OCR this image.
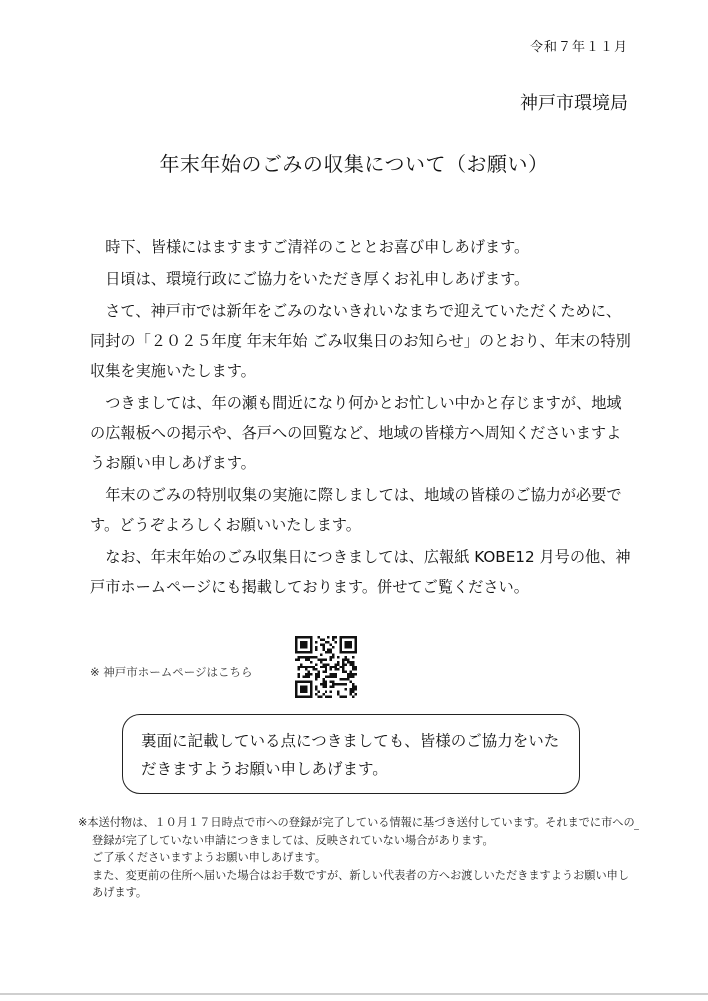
令和７年１１月
神戸市環境局
年末年始のごみの収集について（お願い）

時下、皆様にはますますご清祥のこととお喜び申しあげます。

日頃は、環境行政にご協力をいただき厚くお礼申しあげます。

さて、神戸市では新年をごみのないきれいなまちで迎えていただくために、同封の「２０２５年度 年末年始 ごみ収集日のお知らせ」のとおり、年末の特別収集を実施いたします。

つきましては、年の瀬も間近になり何かとお忙しい中かと存じますが、地域の広報板への掲示や、各戸への回覧など、地域の皆様方へ周知くださいますようお願い申しあげます。

年末のごみの特別収集の実施に際しましては、地域の皆様のご協力が必要です。どうぞよろしくお願いいたします。

なお、年末年始のごみ収集日につきましては、広報紙 KOBE12 月号の他、神戸市ホームページにも掲載しております。併せてご覧ください。

※ 神戸市ホームページはこちら
裏面に記載している点につきましても、皆様のご協力をいただきますようお願い申しあげます。

※本送付物は、１０月１７日時点で市への登録が完了している情報に基づき送付しています。それまでに市への登録が完了していない申請につきましては、反映されていない場合があります。

ご了承くださいますようお願い申しあげます。

また、変更前の住所へ届いた場合はお手数ですが、新しい代表者の方へお渡しいただきますようお願い申しあげます。
